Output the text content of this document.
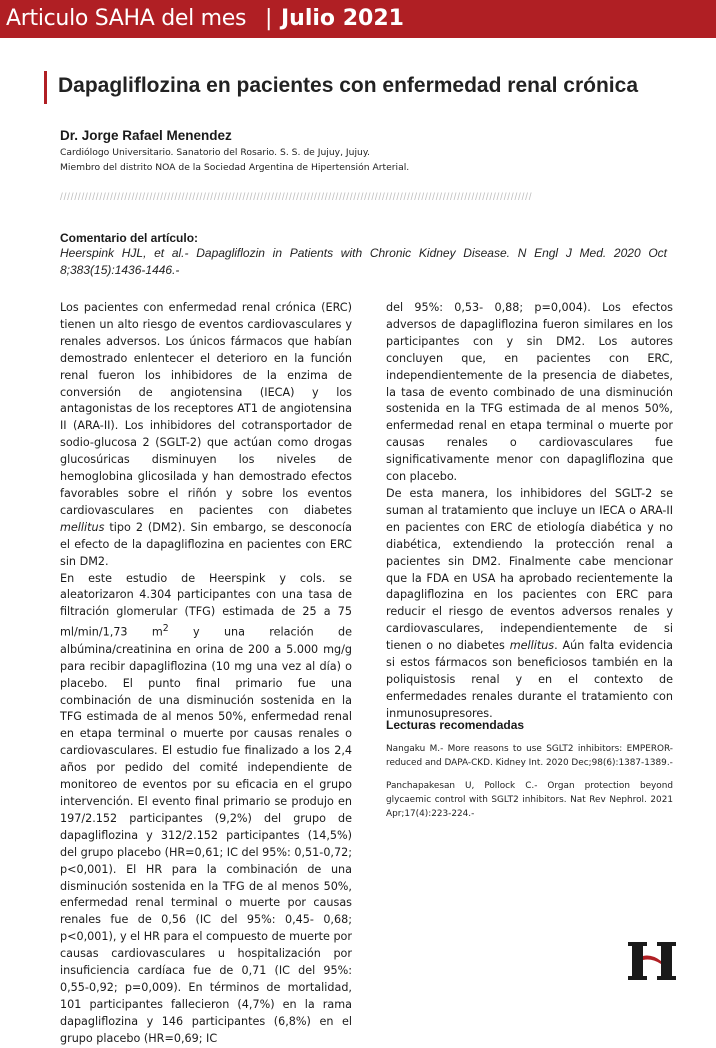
Articulo SAHA del mes | Julio 2021
Dapagliflozina en pacientes con enfermedad renal crónica
Dr. Jorge Rafael Menendez
Cardiólogo Universitario. Sanatorio del Rosario. S. S. de Jujuy, Jujuy.
Miembro del distrito NOA de la Sociedad Argentina de Hipertensión Arterial.
////////////////////////////////////////////////////////////////////////////////////////////////////////////////////////////////////
Comentario del artículo:
Heerspink HJL, et al.- Dapagliflozin in Patients with Chronic Kidney Disease. N Engl J Med. 2020 Oct 8;383(15):1436-1446.-

Los pacientes con enfermedad renal crónica (ERC) tienen un alto riesgo de eventos cardiovasculares y renales adversos. Los únicos fármacos que habían demostrado enlentecer el deterioro en la función renal fueron los inhibidores de la enzima de conversión de angiotensina (IECA) y los antagonistas de los receptores AT1 de angiotensina II (ARA-II). Los inhibidores del cotransportador de sodio-glucosa 2 (SGLT-2) que actúan como drogas glucosúricas disminuyen los niveles de hemoglobina glicosilada y han demostrado efectos favorables sobre el riñón y sobre los eventos cardiovasculares en pacientes con diabetes mellitus tipo 2 (DM2). Sin embargo, se desconocía el efecto de la dapagliflozina en pacientes con ERC sin DM2.

En este estudio de Heerspink y cols. se aleatorizaron 4.304 participantes con una tasa de filtración glomerular (TFG) estimada de 25 a 75 ml/min/1,73 $m^2$ y una relación de albúmina/creatinina en orina de 200 a 5.000 mg/g para recibir dapagliflozina (10 mg una vez al día) o placebo. El punto final primario fue una combinación de una disminución sostenida en la TFG estimada de al menos 50%, enfermedad renal en etapa terminal o muerte por causas renales o cardiovasculares. El estudio fue finalizado a los 2,4 años por pedido del comité independiente de monitoreo de eventos por su eficacia en el grupo intervención. El evento final primario se produjo en 197/2.152 participantes (9,2%) del grupo de dapagliflozina y 312/2.152 participantes (14,5%) del grupo placebo (HR=0,61; IC del 95%: 0,51-0,72; p<0,001). El HR para la combinación de una disminución sostenida en la TFG de al menos 50%, enfermedad renal terminal o muerte por causas renales fue de 0,56 (IC del 95%: 0,45- 0,68; p<0,001), y el HR para el compuesto de muerte por causas cardiovasculares u hospitalización por insuficiencia cardíaca fue de 0,71 (IC del 95%: 0,55-0,92; p=0,009). En términos de mortalidad, 101 participantes fallecieron (4,7%) en la rama dapagliflozina y 146 participantes (6,8%) en el grupo placebo (HR=0,69; IC

del 95%: 0,53- 0,88; p=0,004). Los efectos adversos de dapagliflozina fueron similares en los participantes con y sin DM2. Los autores concluyen que, en pacientes con ERC, independientemente de la presencia de diabetes, la tasa de evento combinado de una disminución sostenida en la TFG estimada de al menos 50%, enfermedad renal en etapa terminal o muerte por causas renales o cardiovasculares fue significativamente menor con dapagliflozina que con placebo.

De esta manera, los inhibidores del SGLT-2 se suman al tratamiento que incluye un IECA o ARA-II en pacientes con ERC de etiología diabética y no diabética, extendiendo la protección renal a pacientes sin DM2. Finalmente cabe mencionar que la FDA en USA ha aprobado recientemente la dapagliflozina en los pacientes con ERC para reducir el riesgo de eventos adversos renales y cardiovasculares, independientemente de si tienen o no diabetes mellitus. Aún falta evidencia si estos fármacos son beneficiosos también en la poliquistosis renal y en el contexto de enfermedades renales durante el tratamiento con inmunosupresores.

Lecturas recomendadas
Nangaku M.- More reasons to use SGLT2 inhibitors: EMPEROR-reduced and DAPA-CKD. Kidney Int. 2020 Dec;98(6):1387-1389.-
Panchapakesan U, Pollock C.- Organ protection beyond glycaemic control with SGLT2 inhibitors. Nat Rev Nephrol. 2021 Apr;17(4):223-224.-
